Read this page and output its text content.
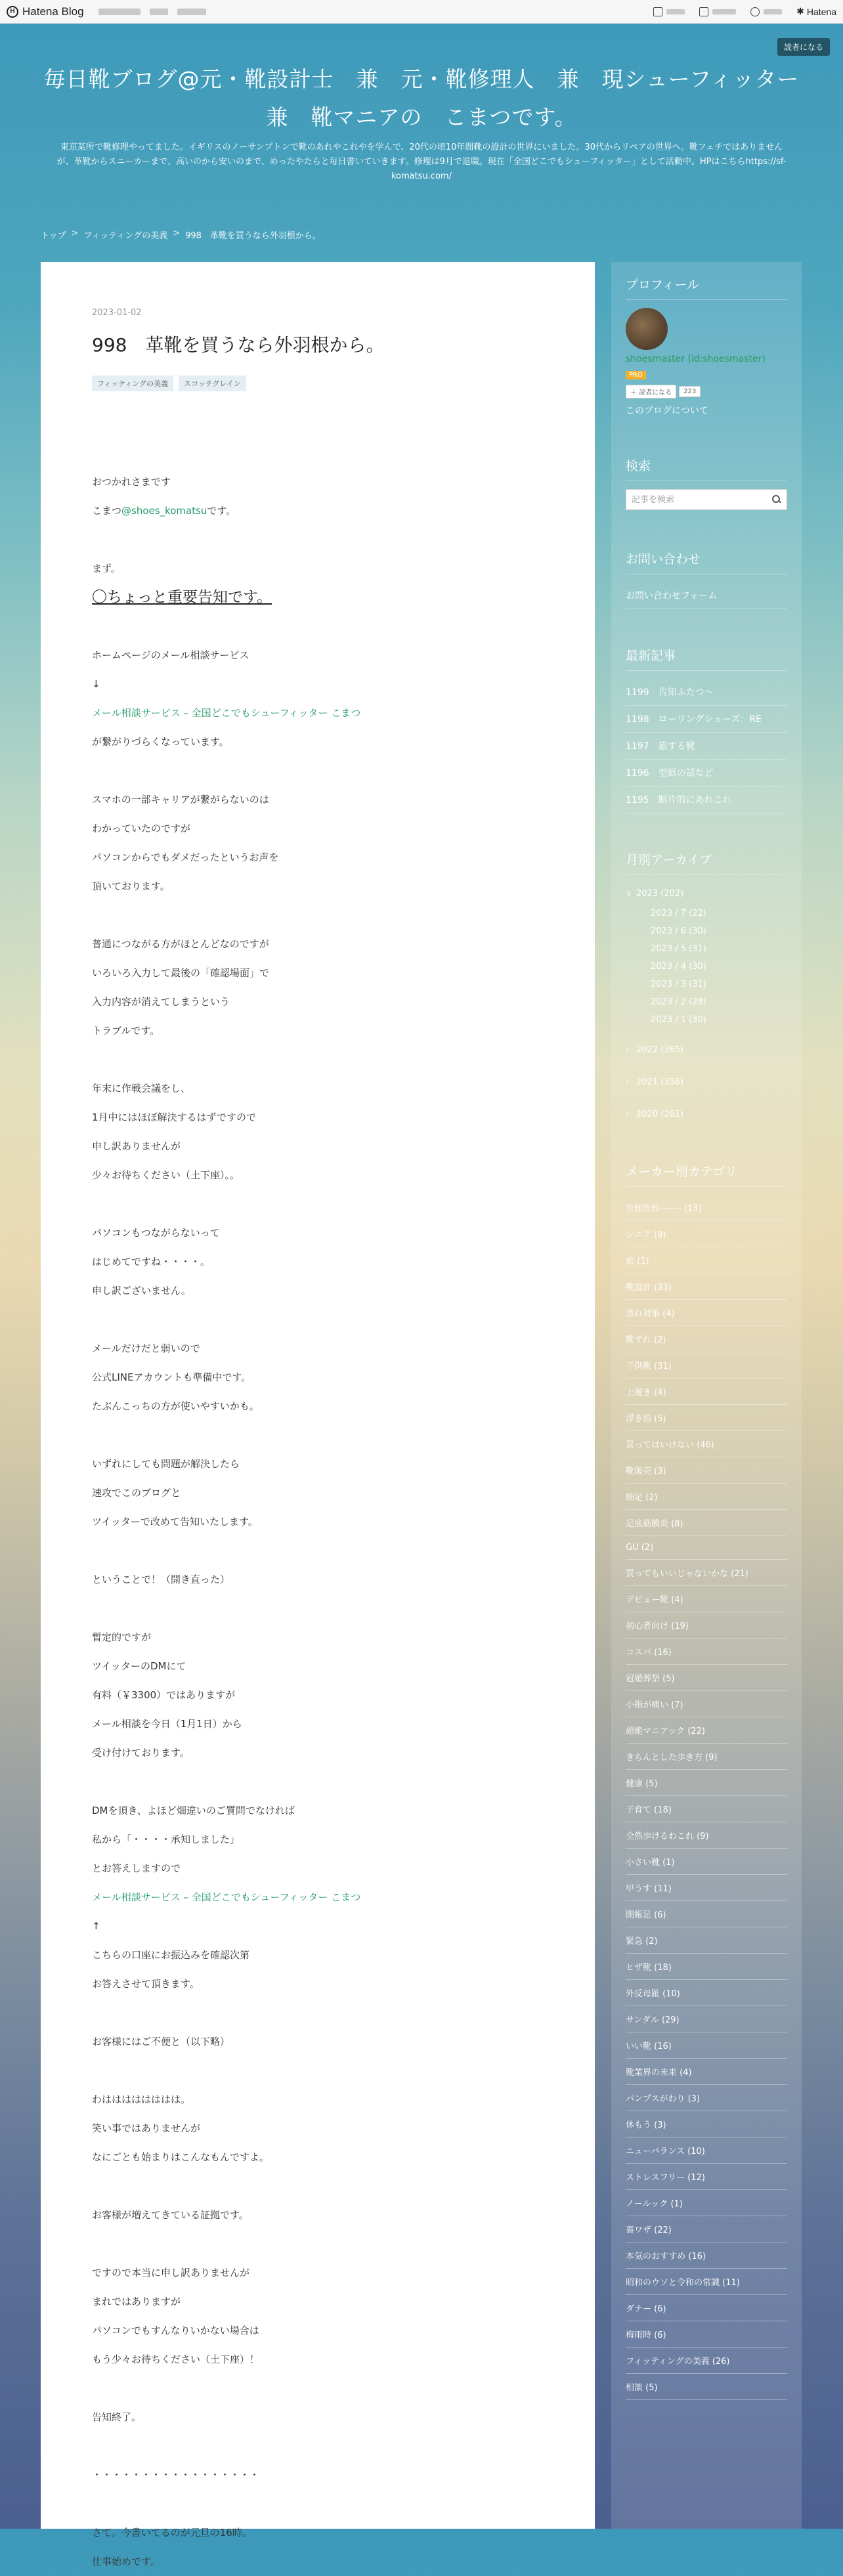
H Hatena Blog	✱ Hatena
読者になる
毎日靴ブログ@元・靴設計士　兼　元・靴修理人　兼　現シューフィッター　兼　靴マニアの　こまつです。
東京某所で靴修理やってました。イギリスのノーサンプトンで靴のあれやこれやを学んで、20代の頃10年間靴の設計の世界にいました。30代からリペアの世界へ。靴フェチではありませんが、革靴からスニーカーまで、高いのから安いのまで、めったやたらと毎日書いていきます。修理は9月で退職。現在「全国どこでもシューフィッター」として活動中。HPはこちらhttps://sf-komatsu.com/
トップ > フィッティングの美義 > 998　革靴を買うなら外羽根から。
2023-01-02
998　革靴を買うなら外羽根から。
フィッティングの美義	スコッチグレイン
おつかれさまです
こまつ@shoes_komatsuです。
まず。
〇ちょっと重要告知です。
ホームページのメール相談サービス
↓
メール相談サービス – 全国どこでもシューフィッター こまつ
が繋がりづらくなっています。
スマホの一部キャリアが繋がらないのは
わかっていたのですが
パソコンからでもダメだったというお声を
頂いております。
普通につながる方がほとんどなのですが
いろいろ入力して最後の「確認場面」で
入力内容が消えてしまうという
トラブルです。
年末に作戦会議をし、
1月中にはほぼ解決するはずですので
申し訳ありませんが
少々お待ちください（土下座）。。
パソコンもつながらないって
はじめてですね・・・・。
申し訳ございません。
メールだけだと弱いので
公式LINEアカウントも準備中です。
たぶんこっちの方が使いやすいかも。
いずれにしても問題が解決したら
速攻でこのブログと
ツイッターで改めて告知いたします。
ということで！（開き直った）
暫定的ですが
ツイッターのDMにて
有料（￥3300）ではありますが
メール相談を今日（1月1日）から
受け付けております。
DMを頂き、よほど畑違いのご質問でなければ
私から「・・・・承知しました」
とお答えしますので
メール相談サービス – 全国どこでもシューフィッター こまつ
↑
こちらの口座にお振込みを確認次第
お答えさせて頂きます。
お客様にはご不便と（以下略）
わはははははははは。
笑い事ではありませんが
なにごとも始まりはこんなもんですよ。
お客様が増えてきている証拠です。
ですので本当に申し訳ありませんが
まれではありますが
パソコンでもすんなりいかない場合は
もう少々お待ちください（土下座）！
告知終了。
・・・・・・・・・・・・・・・・・
さて。今書いてるのが元旦の16時。
仕事始めです。
プロフィール
shoesmaster (id:shoesmaster)
PRO
＋ 読者になる	223
このブログについて
検索
記事を検索
お問い合わせ
お問い合わせフォーム
最新記事
1199　告知ふたつ〜
1198　ローリングシューズ：RE
1197　旅する靴
1196　型紙の話など
1195　断片的にあれこれ
月別アーカイブ
∨ 2023 (202)
2023 / 7 (22)
2023 / 6 (30)
2023 / 5 (31)
2023 / 4 (30)
2023 / 3 (31)
2023 / 2 (28)
2023 / 1 (30)
› 2022 (365)
› 2021 (356)
› 2020 (261)
メーカー別カテゴリ
告知告知‐‐‐‐‐‐‐ (13)
シニア (9)
旅 (1)
靴設計 (33)
蒸れ対策 (4)
靴ずれ (2)
子供靴 (31)
上履き (4)
浮き指 (5)
買ってはいけない (46)
靴販売 (3)
細足 (2)
足底筋膜炎 (8)
GU (2)
買ってもいいじゃないかな (21)
デビュー靴 (4)
初心者向け (19)
コスパ (16)
冠婚葬祭 (5)
小指が痛い (7)
超絶マニアック (22)
きちんとした歩き方 (9)
健康 (5)
子育て (18)
全然歩けるわこれ (9)
小さい靴 (1)
甲うす (11)
開帳足 (6)
緊急 (2)
ヒザ靴 (18)
外反母趾 (10)
サンダル (29)
いい靴 (16)
靴業界の未来 (4)
パンプスがわり (3)
休もう (3)
ニューバランス (10)
ストレスフリー (12)
ノールック (1)
裏ワザ (22)
本気のおすすめ (16)
昭和のウソと令和の常識 (11)
ダナー (6)
梅雨時 (6)
フィッティングの美義 (26)
相談 (5)
